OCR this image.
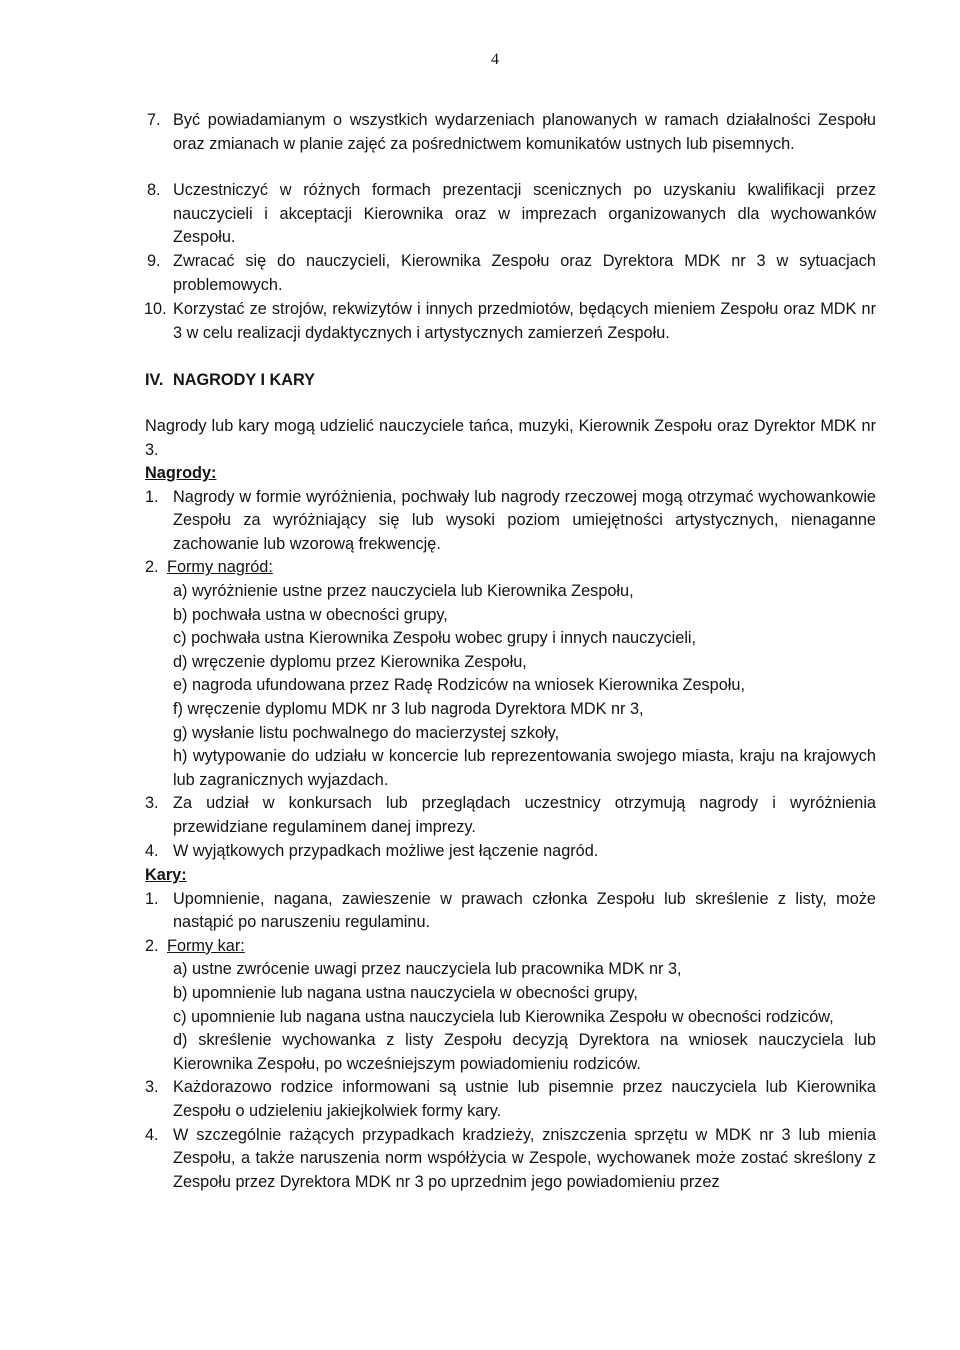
4
7. Być powiadamianym o wszystkich wydarzeniach planowanych w ramach działalności Zespołu oraz zmianach w planie zajęć za pośrednictwem komunikatów ustnych lub pisemnych.

8. Uczestniczyć w różnych formach prezentacji scenicznych po uzyskaniu kwalifikacji przez nauczycieli i akceptacji Kierownika oraz w imprezach organizowanych dla wychowanków Zespołu.

9. Zwracać się do nauczycieli, Kierownika Zespołu oraz Dyrektora MDK nr 3 w sytuacjach problemowych.

10. Korzystać ze strojów, rekwizytów i innych przedmiotów, będących mieniem Zespołu oraz MDK nr 3 w celu realizacji dydaktycznych i artystycznych zamierzeń Zespołu.

IV. NAGRODY I KARY

Nagrody lub kary mogą udzielić nauczyciele tańca, muzyki, Kierownik Zespołu oraz Dyrektor MDK nr 3.

Nagrody:
1. Nagrody w formie wyróżnienia, pochwały lub nagrody rzeczowej mogą otrzymać wychowankowie Zespołu za wyróżniający się lub wysoki poziom umiejętności artystycznych, nienaganne zachowanie lub wzorową frekwencję.

2. Formy nagród:

a) wyróżnienie ustne przez nauczyciela lub Kierownika Zespołu,

b) pochwała ustna w obecności grupy,

c) pochwała ustna Kierownika Zespołu wobec grupy i innych nauczycieli,

d) wręczenie dyplomu przez Kierownika Zespołu,

e) nagroda ufundowana przez Radę Rodziców na wniosek Kierownika Zespołu,

f) wręczenie dyplomu MDK nr 3 lub nagroda Dyrektora MDK nr 3,

g) wysłanie listu pochwalnego do macierzystej szkoły,

h) wytypowanie do udziału w koncercie lub reprezentowania swojego miasta, kraju na krajowych lub zagranicznych wyjazdach.

3. Za udział w konkursach lub przeglądach uczestnicy otrzymują nagrody i wyróżnienia przewidziane regulaminem danej imprezy.

4. W wyjątkowych przypadkach możliwe jest łączenie nagród.

Kary:
1. Upomnienie, nagana, zawieszenie w prawach członka Zespołu lub skreślenie z listy, może nastąpić po naruszeniu regulaminu.

2. Formy kar:

a) ustne zwrócenie uwagi przez nauczyciela lub pracownika MDK nr 3,

b) upomnienie lub nagana ustna nauczyciela w obecności grupy,

c) upomnienie lub nagana ustna nauczyciela lub Kierownika Zespołu w obecności rodziców,

d) skreślenie wychowanka z listy Zespołu decyzją Dyrektora na wniosek nauczyciela lub Kierownika Zespołu, po wcześniejszym powiadomieniu rodziców.

3. Każdorazowo rodzice informowani są ustnie lub pisemnie przez nauczyciela lub Kierownika Zespołu o udzieleniu jakiejkolwiek formy kary.

4. W szczególnie rażących przypadkach kradzieży, zniszczenia sprzętu w MDK nr 3 lub mienia Zespołu, a także naruszenia norm współżycia w Zespole, wychowanek może zostać skreślony z Zespołu przez Dyrektora MDK nr 3 po uprzednim jego powiadomieniu przez
